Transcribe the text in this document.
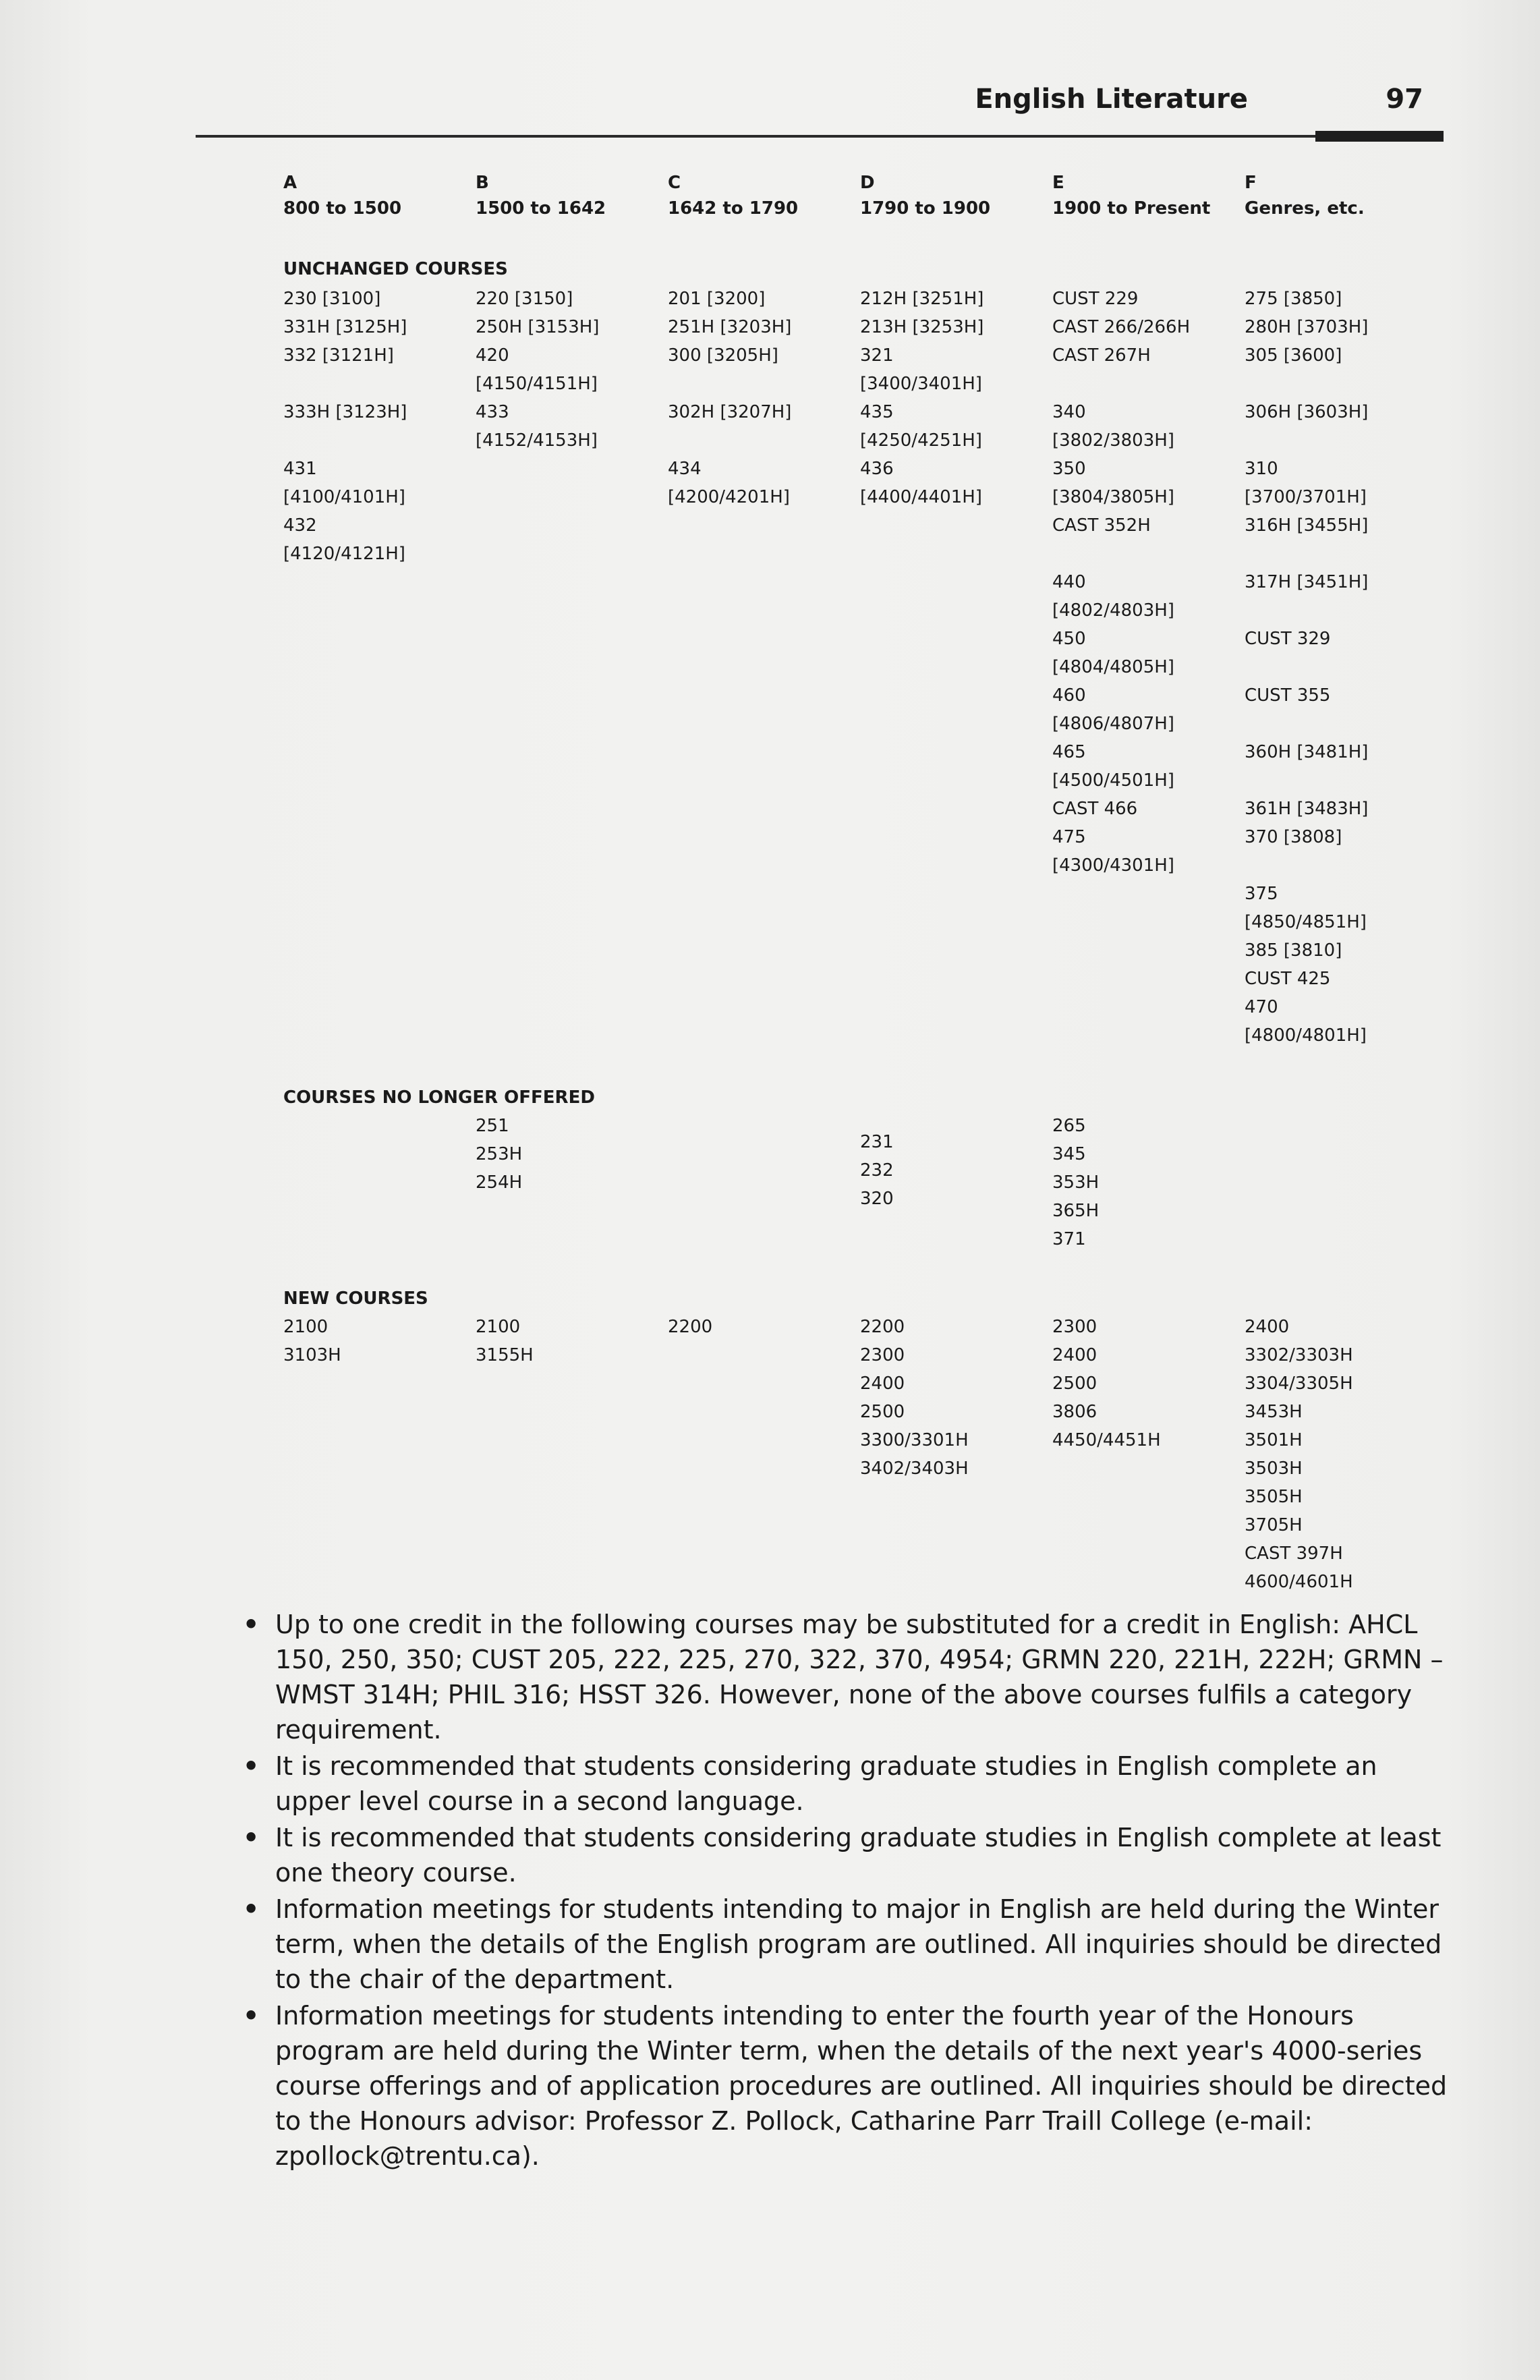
English Literature	97
A
800 to 1500
B
1500 to 1642
C
1642 to 1790
D
1790 to 1900
E
1900 to Present
F
Genres, etc.
UNCHANGED COURSES
COURSES NO LONGER OFFERED
NEW COURSES
230 [3100]
331H [3125H]
332 [3121H]
333H [3123H]
431
[4100/4101H]
432
[4120/4121H]
220 [3150]
250H [3153H]
420
[4150/4151H]
433
[4152/4153H]
201 [3200]
251H [3203H]
300 [3205H]
302H [3207H]
434
[4200/4201H]
212H [3251H]
213H [3253H]
321
[3400/3401H]
435
[4250/4251H]
436
[4400/4401H]
CUST 229
CAST 266/266H
CAST 267H
340
[3802/3803H]
350
[3804/3805H]
CAST 352H
440
[4802/4803H]
450
[4804/4805H]
460
[4806/4807H]
465
[4500/4501H]
CAST 466
475
[4300/4301H]
275 [3850]
280H [3703H]
305 [3600]
306H [3603H]
310
[3700/3701H]
316H [3455H]
317H [3451H]
CUST 329
CUST 355
360H [3481H]
361H [3483H]
370 [3808]
375
[4850/4851H]
385 [3810]
CUST 425
470
[4800/4801H]
251
253H
254H
231
232
320
265
345
353H
365H
371
2100
3103H
2100
3155H
2200	2200
2300
2400
2500
3300/3301H
3402/3403H
2300
2400
2500
3806
4450/4451H
2400
3302/3303H
3304/3305H
3453H
3501H
3503H
3505H
3705H
CAST 397H
4600/4601H
• Up to one credit in the following courses may be substituted for a credit in English: AHCL 150, 250, 350; CUST 205, 222, 225, 270, 322, 370, 4954; GRMN 220, 221H, 222H; GRMN – WMST 314H; PHIL 316; HSST 326. However, none of the above courses fulfils a category requirement.
• It is recommended that students considering graduate studies in English complete an upper level course in a second language.
• It is recommended that students considering graduate studies in English complete at least one theory course.
• Information meetings for students intending to major in English are held during the Winter term, when the details of the English program are outlined. All inquiries should be directed to the chair of the department.
• Information meetings for students intending to enter the fourth year of the Honours program are held during the Winter term, when the details of the next year's 4000-series course offerings and of application procedures are outlined. All inquiries should be directed to the Honours advisor: Professor Z. Pollock, Catharine Parr Traill College (e-mail: zpollock@trentu.ca).
